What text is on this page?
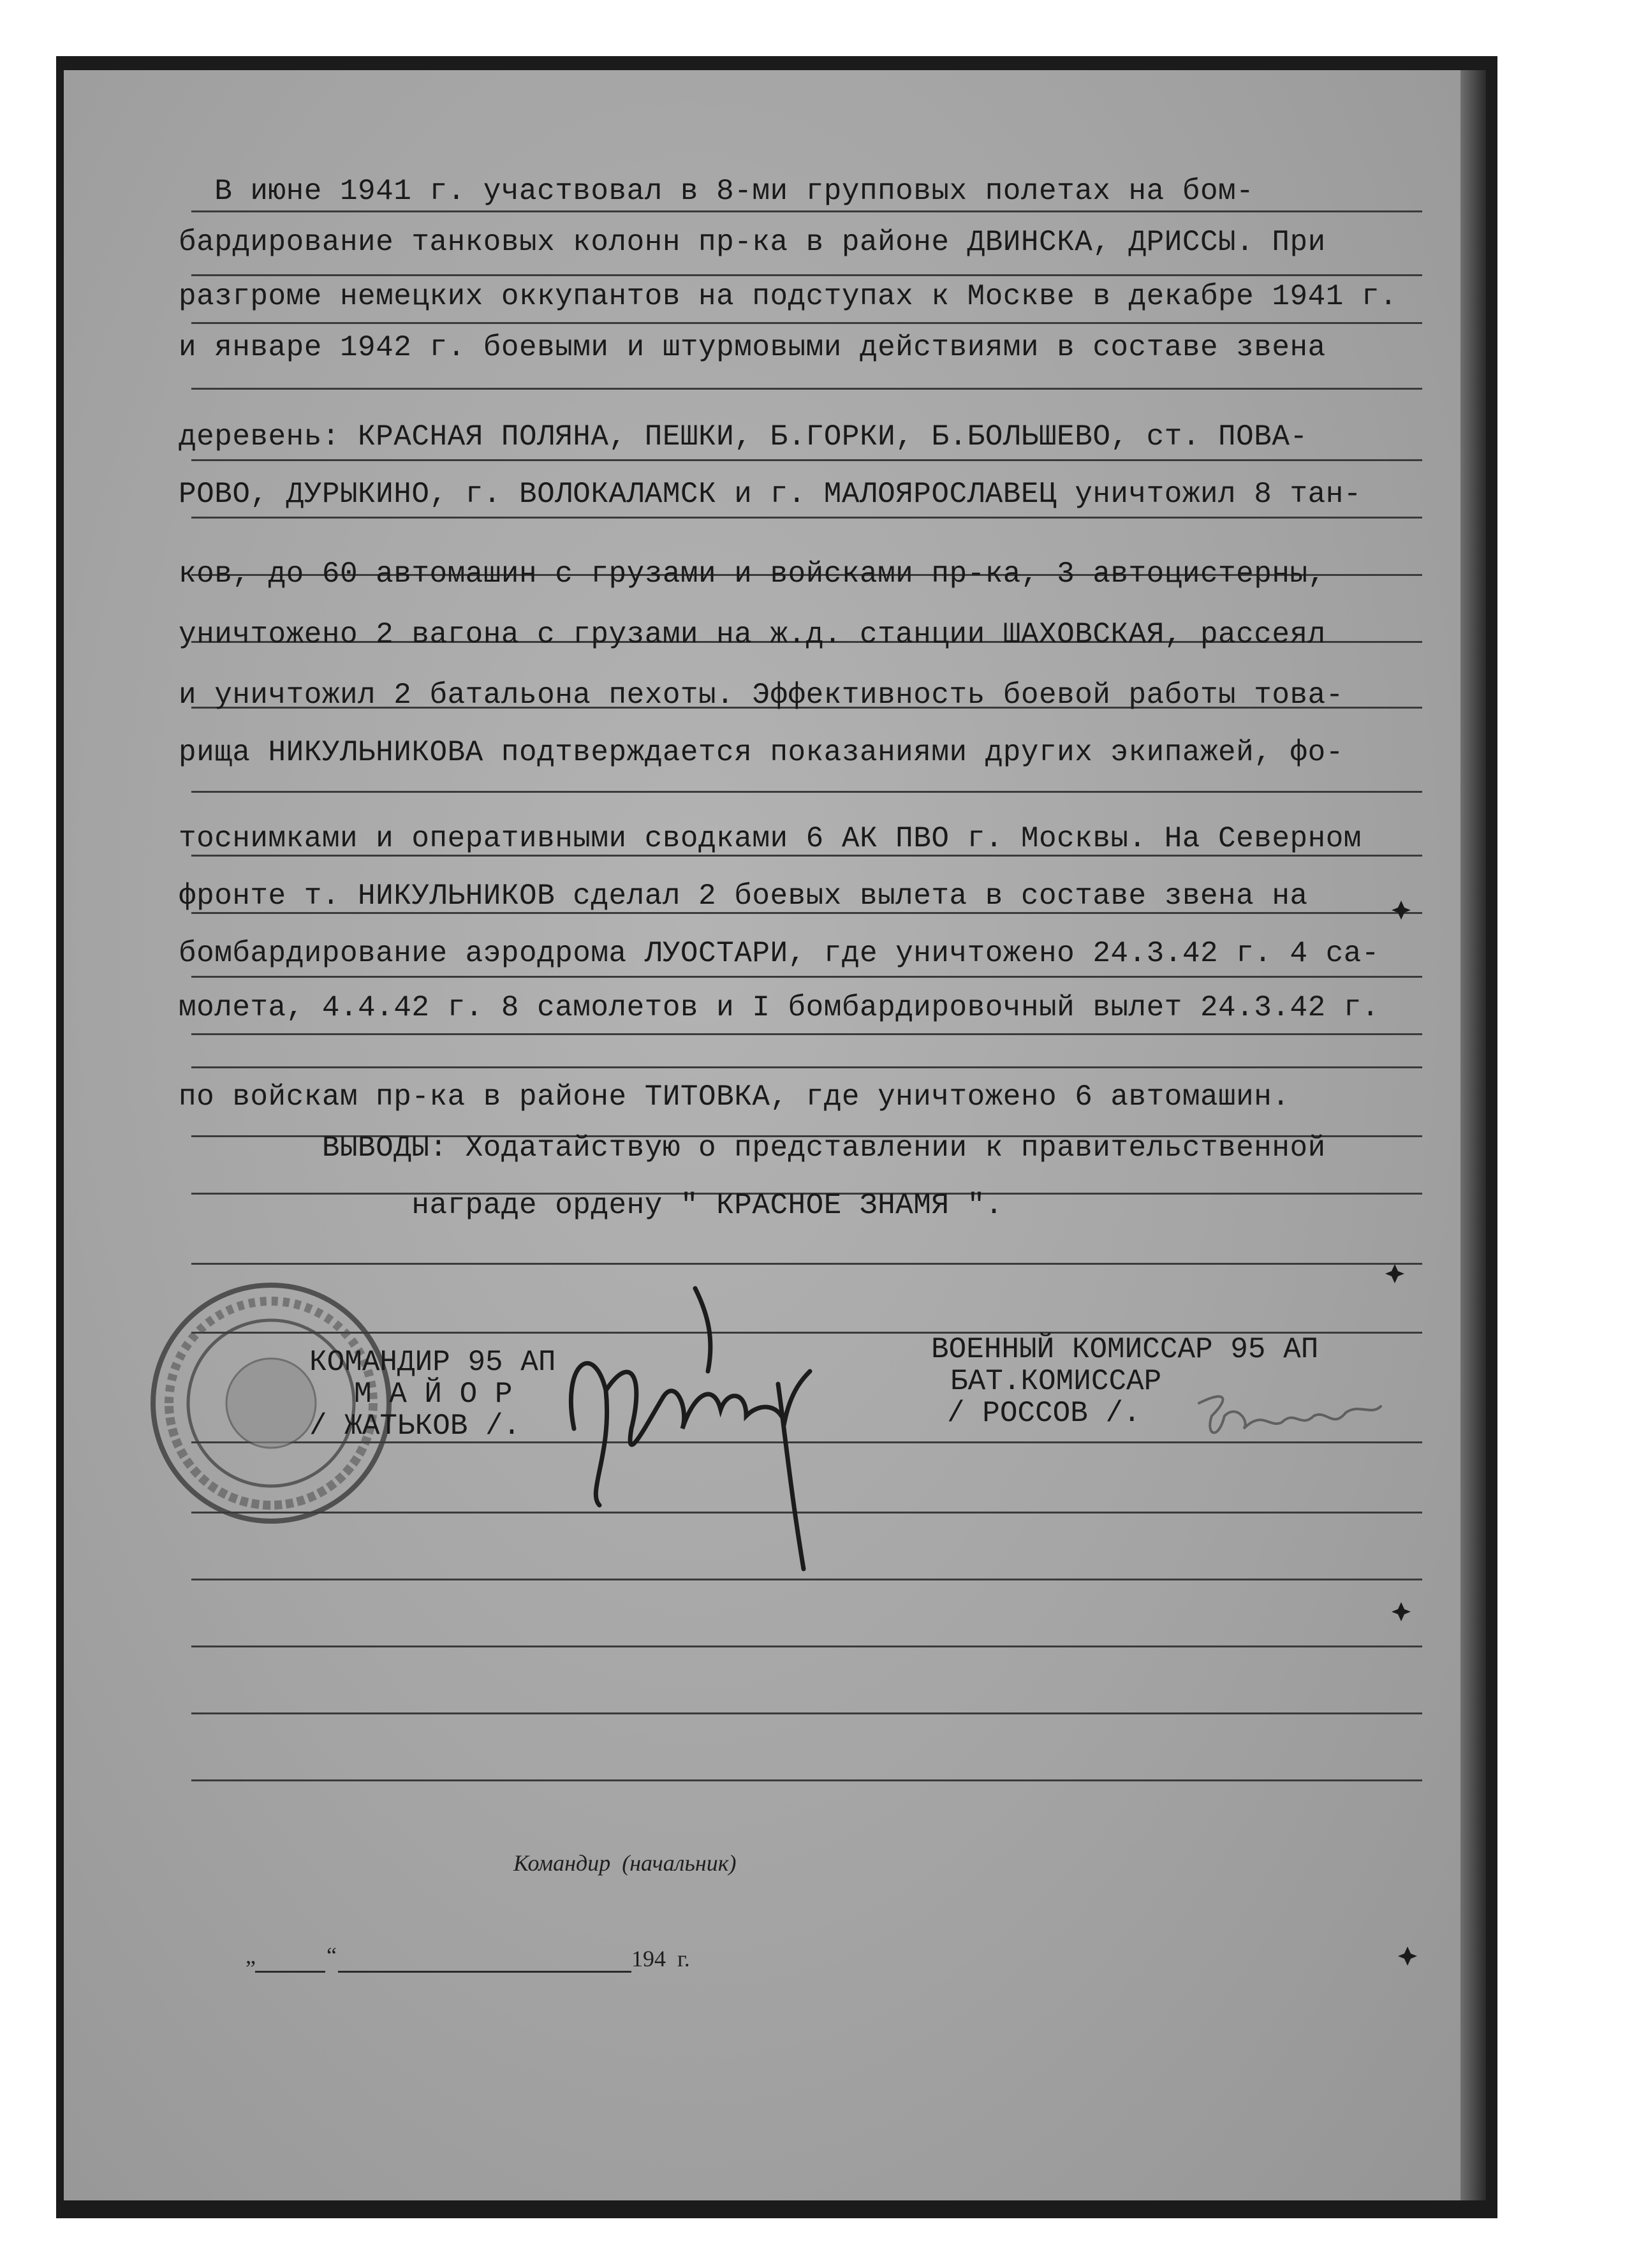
В июне 1941 г. участвовал в 8-ми групповых полетах на бом-
бардирование танковых колонн пр-ка в районе ДВИНСКА, ДРИССЫ. При
разгроме немецких оккупантов на подступах к Москве в декабре 1941 г.
и январе 1942 г. боевыми и штурмовыми действиями в составе звена
деревень: КРАСНАЯ ПОЛЯНА, ПЕШКИ, Б.ГОРКИ, Б.БОЛЬШЕВО, ст. ПОВА-
РОВО, ДУРЫКИНО, г. ВОЛОКАЛАМСК и г. МАЛОЯРОСЛАВЕЦ уничтожил 8 тан-
ков, до 60 автомашин с грузами и войсками пр-ка, 3 автоцистерны,
уничтожено 2 вагона с грузами на ж.д. станции ШАХОВСКАЯ, рассеял
и уничтожил 2 батальона пехоты. Эффективность боевой работы това-
рища НИКУЛЬНИКОВА подтверждается показаниями других экипажей, фо-
тоснимками и оперативными сводками 6 АК ПВО г. Москвы. На Северном
фронте т. НИКУЛЬНИКОВ сделал 2 боевых вылета в составе звена на
бомбардирование аэродрома ЛУОСТАРИ, где уничтожено 24.3.42 г. 4 са-
молета, 4.4.42 г. 8 самолетов и I бомбардировочный вылет 24.3.42 г.
по войскам пр-ка в районе ТИТОВКА, где уничтожено 6 автомашин.
ВЫВОДЫ: Ходатайствую о представлении к правительственной
награде ордену " КРАСНОЕ ЗНАМЯ ".
КОМАНДИР 95 АП
М А Й О Р
/ ЖАТЬКОВ /.
ВОЕННЫЙ КОМИССАР 95 АП
БАТ.КОМИССАР
/ РОССОВ /.
Командир  (начальник)
„	“	194  г.
